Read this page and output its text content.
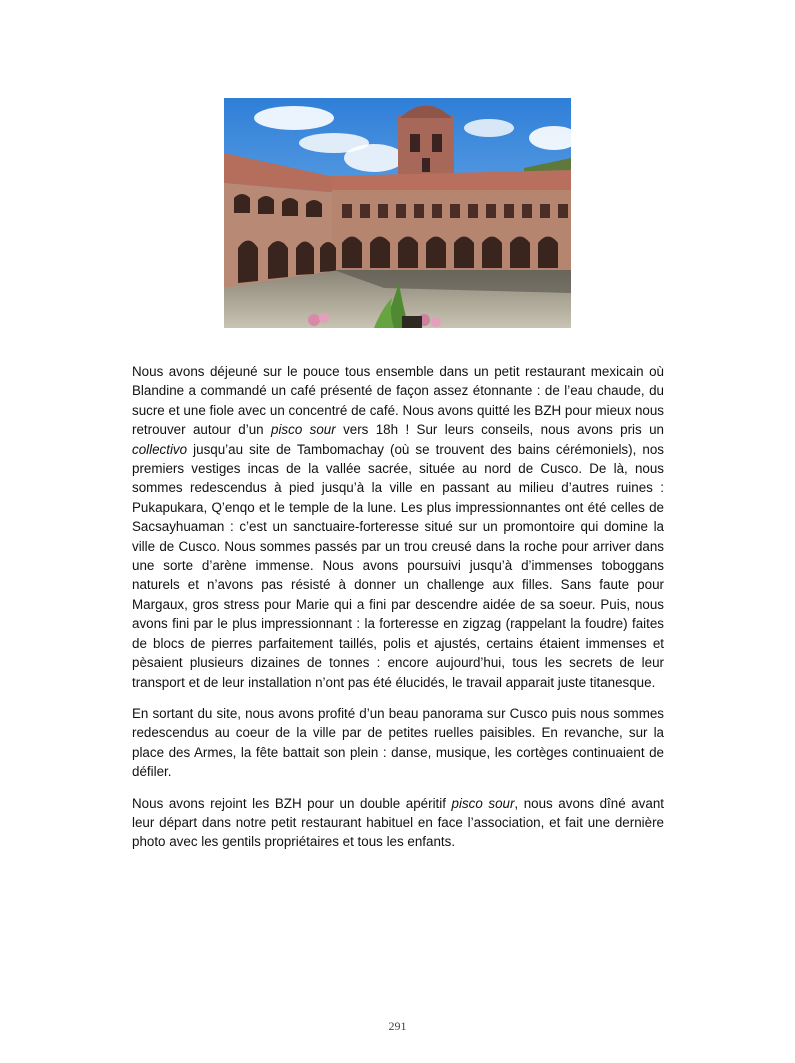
Nous avons déjeuné sur le pouce tous ensemble dans un petit restaurant mexicain où Blandine a commandé un café présenté de façon assez étonnante : de l’eau chaude, du sucre et une fiole avec un concentré de café. Nous avons quitté les BZH pour mieux nous retrouver autour d’un pisco sour vers 18h ! Sur leurs conseils, nous avons pris un collectivo jusqu’au site de Tambomachay (où se trouvent des bains cérémoniels), nos premiers vestiges incas de la vallée sacrée, située au nord de Cusco. De là, nous sommes redescendus à pied jusqu’à la ville en passant au milieu d’autres ruines : Pukapukara, Q’enqo et le temple de la lune. Les plus impressionnantes ont été celles de Sacsayhuaman : c’est un sanctuaire-forteresse situé sur un promontoire qui domine la ville de Cusco. Nous sommes passés par un trou creusé dans la roche pour arriver dans une sorte d’arène immense. Nous avons poursuivi jusqu’à d’immenses toboggans naturels et n’avons pas résisté à donner un challenge aux filles. Sans faute pour Margaux, gros stress pour Marie qui a fini par descendre aidée de sa soeur. Puis, nous avons fini par le plus impressionnant : la forteresse en zigzag (rappelant la foudre) faites de blocs de pierres parfaitement taillés, polis et ajustés, certains étaient immenses et pèsaient plusieurs dizaines de tonnes : encore aujourd’hui, tous les secrets de leur transport et de leur installation n’ont pas été élucidés, le travail apparait juste titanesque.

En sortant du site, nous avons profité d’un beau panorama sur Cusco puis nous sommes redescendus au coeur de la ville par de petites ruelles paisibles. En revanche, sur la place des Armes, la fête battait son plein : danse, musique, les cortèges continuaient de défiler.

Nous avons rejoint les BZH pour un double apéritif pisco sour, nous avons dîné avant leur départ dans notre petit restaurant habituel en face l’association, et fait une dernière photo avec les gentils propriétaires et tous les enfants.

291
